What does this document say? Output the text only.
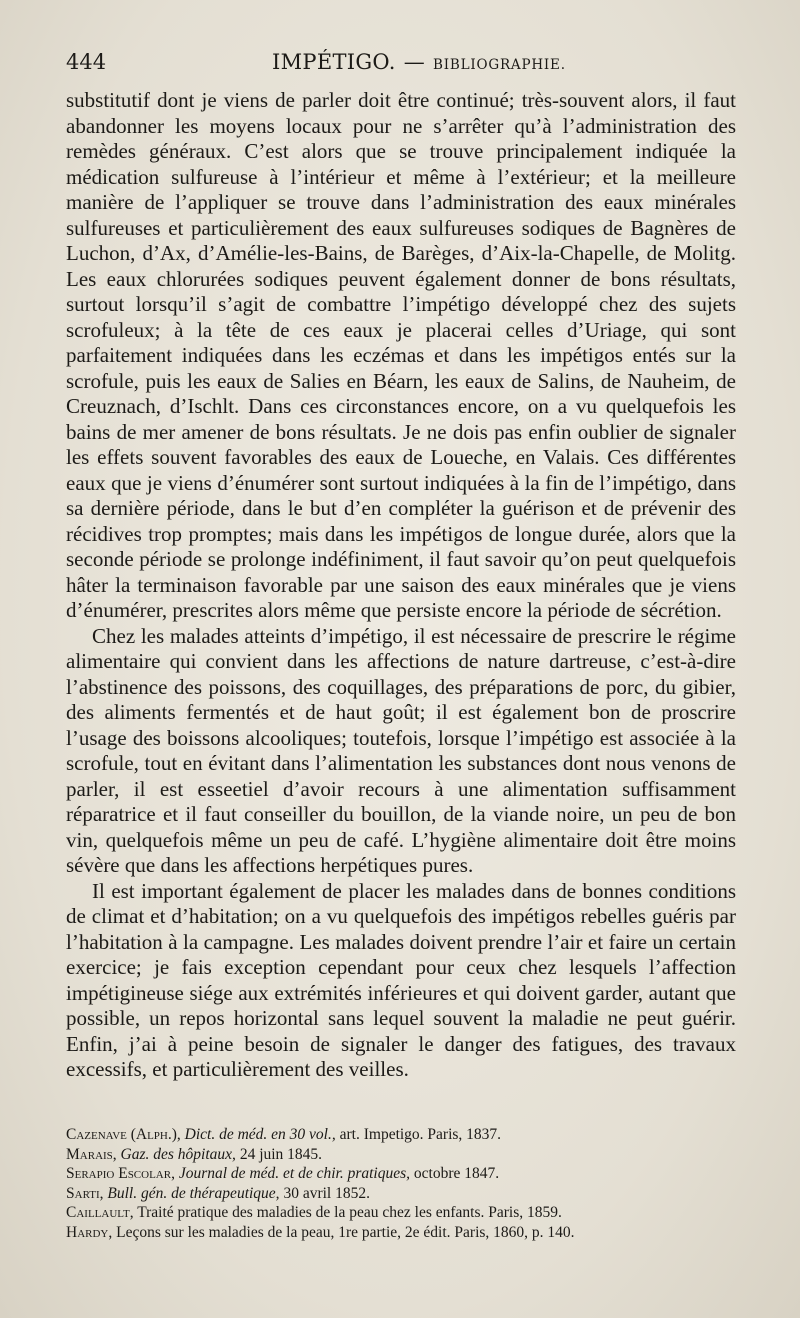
444	IMPÉTIGO. — BIBLIOGRAPHIE.

substitutif dont je viens de parler doit être continué; très-souvent alors, il faut abandonner les moyens locaux pour ne s’arrêter qu’à l’administration des remèdes généraux. C’est alors que se trouve principalement indiquée la médication sulfureuse à l’intérieur et même à l’extérieur; et la meilleure manière de l’appliquer se trouve dans l’administration des eaux minérales sulfureuses et particulièrement des eaux sulfureuses sodiques de Bagnères de Luchon, d’Ax, d’Amélie-les-Bains, de Barèges, d’Aix-la-Chapelle, de Molitg. Les eaux chlorurées sodiques peuvent également donner de bons résultats, surtout lorsqu’il s’agit de combattre l’impétigo développé chez des sujets scrofuleux; à la tête de ces eaux je placerai celles d’Uriage, qui sont parfaitement indiquées dans les eczémas et dans les impétigos entés sur la scrofule, puis les eaux de Salies en Béarn, les eaux de Salins, de Nauheim, de Creuznach, d’Ischlt. Dans ces circonstances encore, on a vu quelquefois les bains de mer amener de bons résultats. Je ne dois pas enfin oublier de signaler les effets souvent favorables des eaux de Loueche, en Valais. Ces différentes eaux que je viens d’énumérer sont surtout indiquées à la fin de l’impétigo, dans sa dernière période, dans le but d’en compléter la guérison et de prévenir des récidives trop promptes; mais dans les impétigos de longue durée, alors que la seconde période se prolonge indéfiniment, il faut savoir qu’on peut quelquefois hâter la terminaison favorable par une saison des eaux minérales que je viens d’énumérer, prescrites alors même que persiste encore la période de sécrétion.

Chez les malades atteints d’impétigo, il est nécessaire de prescrire le régime alimentaire qui convient dans les affections de nature dartreuse, c’est-à-dire l’abstinence des poissons, des coquillages, des préparations de porc, du gibier, des aliments fermentés et de haut goût; il est également bon de proscrire l’usage des boissons alcooliques; toutefois, lorsque l’impétigo est associée à la scrofule, tout en évitant dans l’alimentation les substances dont nous venons de parler, il est esseetiel d’avoir recours à une alimentation suffisamment réparatrice et il faut conseiller du bouillon, de la viande noire, un peu de bon vin, quelquefois même un peu de café. L’hygiène alimentaire doit être moins sévère que dans les affections herpétiques pures.

Il est important également de placer les malades dans de bonnes conditions de climat et d’habitation; on a vu quelquefois des impétigos rebelles guéris par l’habitation à la campagne. Les malades doivent prendre l’air et faire un certain exercice; je fais exception cependant pour ceux chez lesquels l’affection impétigineuse siége aux extrémités inférieures et qui doivent garder, autant que possible, un repos horizontal sans lequel souvent la maladie ne peut guérir. Enfin, j’ai à peine besoin de signaler le danger des fatigues, des travaux excessifs, et particulièrement des veilles.

Cazenave (Alph.), Dict. de méd. en 30 vol., art. Impetigo. Paris, 1837.
Marais, Gaz. des hôpitaux, 24 juin 1845.
Serapio Escolar, Journal de méd. et de chir. pratiques, octobre 1847.
Sarti, Bull. gén. de thérapeutique, 30 avril 1852.
Caillault, Traité pratique des maladies de la peau chez les enfants. Paris, 1859.
Hardy, Leçons sur les maladies de la peau, 1re partie, 2e édit. Paris, 1860, p. 140.
